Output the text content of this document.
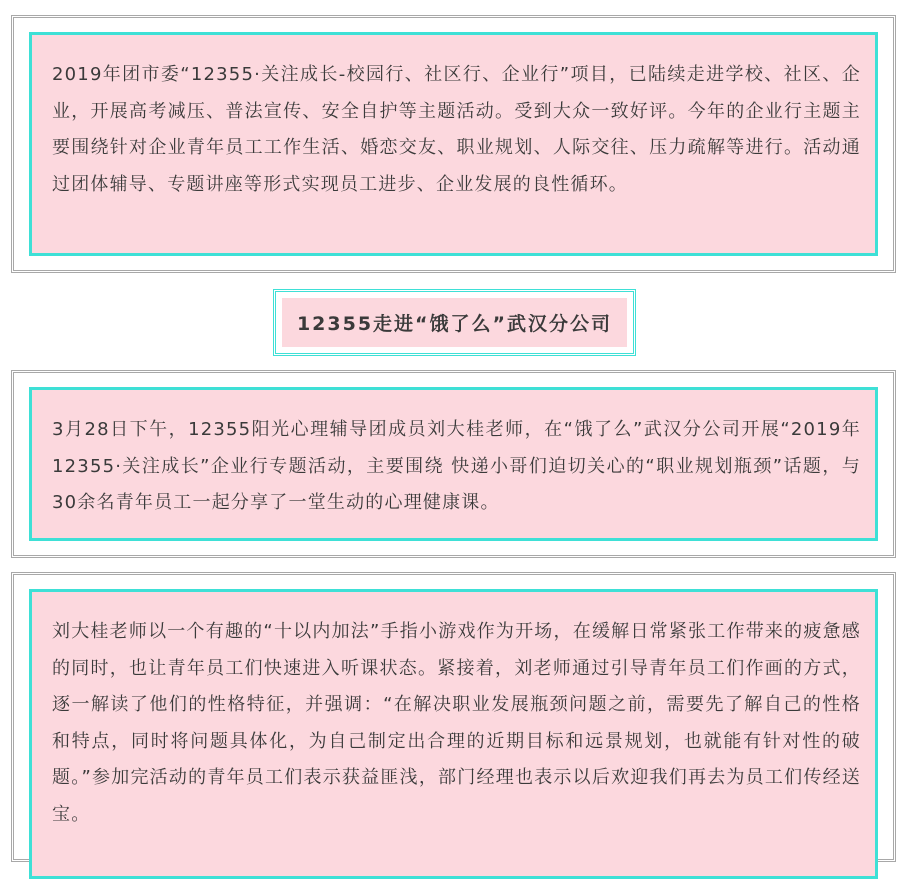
2019年团市委“12355·关注成长-校园行、社区行、企业行”项目，已陆续走进学校、社区、企业，开展高考减压、普法宣传、安全自护等主题活动。受到大众一致好评。今年的企业行主题主要围绕针对企业青年员工工作生活、婚恋交友、职业规划、人际交往、压力疏解等进行。活动通过团体辅导、专题讲座等形式实现员工进步、企业发展的良性循环。

12355走进“饿了么”武汉分公司

3月28日下午，12355阳光心理辅导团成员刘大桂老师，在“饿了么”武汉分公司开展“2019年12355·关注成长”企业行专题活动，主要围绕 快递小哥们迫切关心的“职业规划瓶颈”话题，与30余名青年员工一起分享了一堂生动的心理健康课。

刘大桂老师以一个有趣的“十以内加法”手指小游戏作为开场，在缓解日常紧张工作带来的疲惫感的同时，也让青年员工们快速进入听课状态。紧接着，刘老师通过引导青年员工们作画的方式，逐一解读了他们的性格特征，并强调：“在解决职业发展瓶颈问题之前，需要先了解自己的性格和特点，同时将问题具体化，为自己制定出合理的近期目标和远景规划，也就能有针对性的破题。”参加完活动的青年员工们表示获益匪浅，部门经理也表示以后欢迎我们再去为员工们传经送宝。
